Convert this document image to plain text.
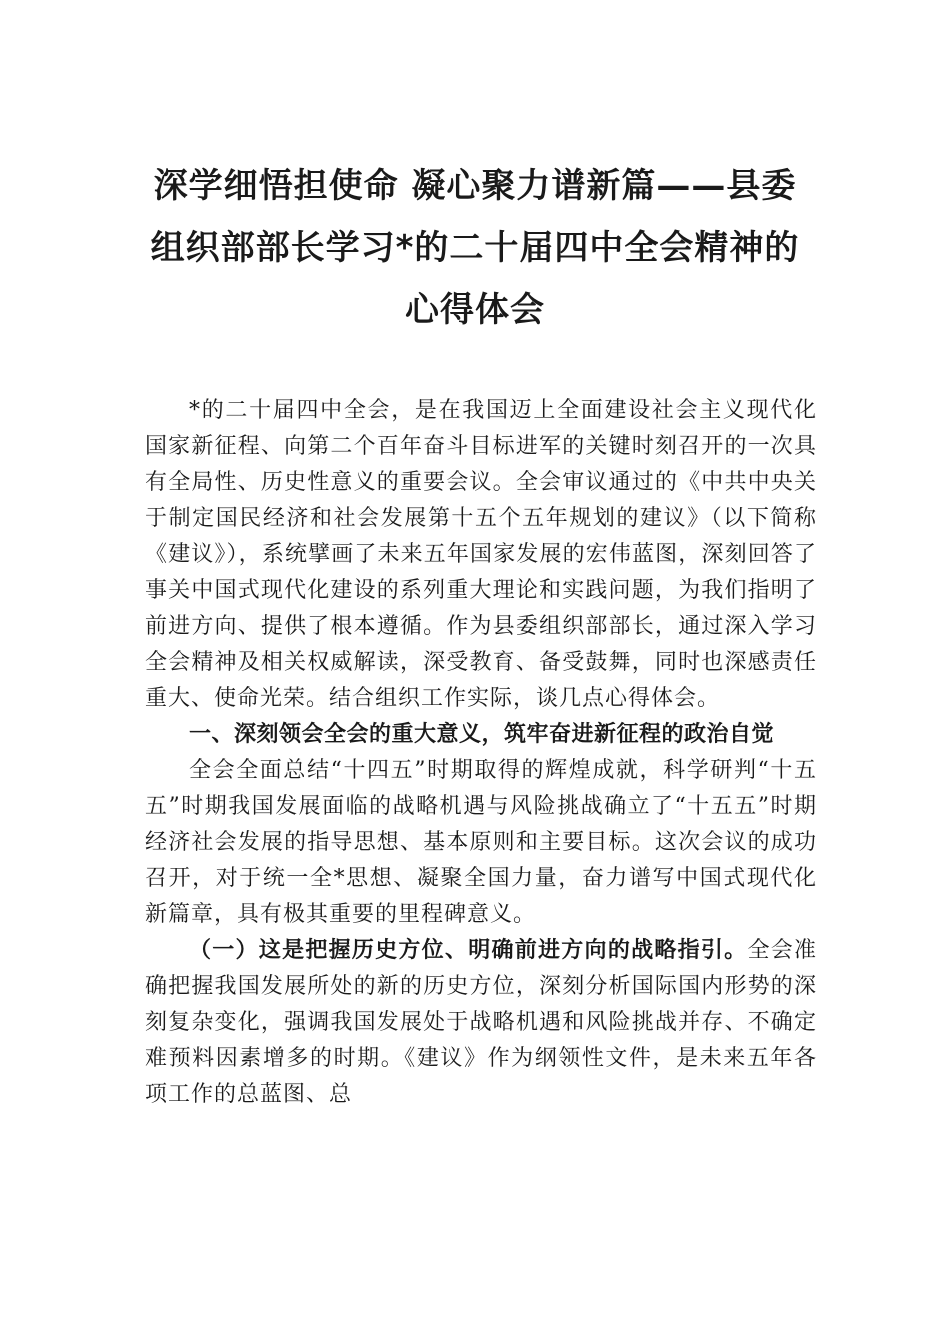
深学细悟担使命 凝心聚力谱新篇——县委
组织部部长学习*的二十届四中全会精神的
心得体会

*的二十届四中全会，是在我国迈上全面建设社会主义现代化国家新征程、向第二个百年奋斗目标进军的关键时刻召开的一次具有全局性、历史性意义的重要会议。全会审议通过的《中共中央关于制定国民经济和社会发展第十五个五年规划的建议》（以下简称《建议》），系统擘画了未来五年国家发展的宏伟蓝图，深刻回答了事关中国式现代化建设的系列重大理论和实践问题，为我们指明了前进方向、提供了根本遵循。作为县委组织部部长，通过深入学习全会精神及相关权威解读，深受教育、备受鼓舞，同时也深感责任重大、使命光荣。结合组织工作实际，谈几点心得体会。

一、深刻领会全会的重大意义，筑牢奋进新征程的政治自觉

全会全面总结“十四五”时期取得的辉煌成就，科学研判“十五五”时期我国发展面临的战略机遇与风险挑战确立了“十五五”时期经济社会发展的指导思想、基本原则和主要目标。这次会议的成功召开，对于统一全*思想、凝聚全国力量，奋力谱写中国式现代化新篇章，具有极其重要的里程碑意义。

（一）这是把握历史方位、明确前进方向的战略指引。全会准确把握我国发展所处的新的历史方位，深刻分析国际国内形势的深刻复杂变化，强调我国发展处于战略机遇和风险挑战并存、不确定难预料因素增多的时期。《建议》作为纲领性文件，是未来五年各项工作的总蓝图、总
